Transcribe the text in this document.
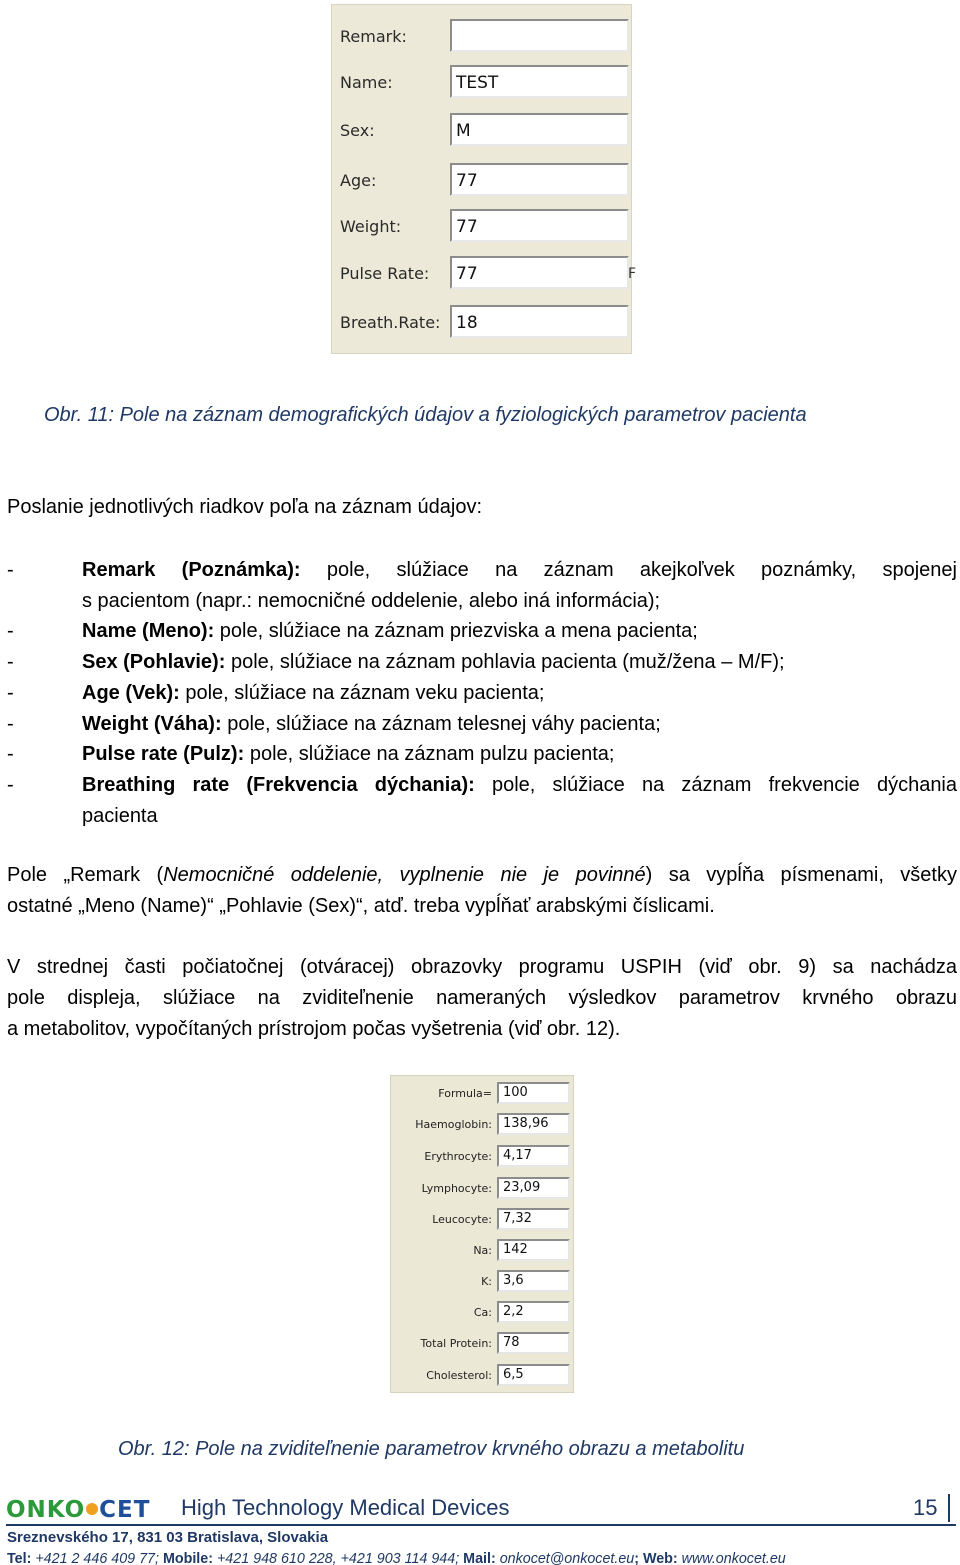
Remark:
Name:	TEST
Sex:	M
Age:	77
Weight:	77
Pulse Rate:	77	F
Breath.Rate: 18
Obr. 11: Pole na záznam demografických údajov a fyziologických parametrov pacienta
Poslanie jednotlivých riadkov poľa na záznam údajov:
-	Remark (Poznámka): pole, slúžiace na záznam akejkoľvek poznámky, spojenej
s pacientom (napr.: nemocničné oddelenie, alebo iná informácia);
-	Name (Meno): pole, slúžiace na záznam priezviska a mena pacienta;
-	Sex (Pohlavie): pole, slúžiace na záznam pohlavia pacienta (muž/žena – M/F);
-	Age (Vek): pole, slúžiace na záznam veku pacienta;
-	Weight (Váha): pole, slúžiace na záznam telesnej váhy pacienta;
-	Pulse rate (Pulz): pole, slúžiace na záznam pulzu pacienta;
-	Breathing rate (Frekvencia dýchania): pole, slúžiace na záznam frekvencie dýchania
pacienta
Pole „Remark (Nemocničné oddelenie, vyplnenie nie je povinné) sa vypĺňa písmenami, všetky
ostatné „Meno (Name)“ „Pohlavie (Sex)“, atď. treba vypĺňať arabskými číslicami.
V strednej časti počiatočnej (otváracej) obrazovky programu USPIH (viď obr. 9) sa nachádza
pole displeja, slúžiace na zviditeľnenie nameraných výsledkov parametrov krvného obrazu
a metabolitov, vypočítaných prístrojom počas vyšetrenia (viď obr. 12).
Formula= 100
Haemoglobin: 138,96
Erythrocyte: 4,17
Lymphocyte: 23,09
Leucocyte: 7,32
Na: 142
K: 3,6
Ca: 2,2
Total Protein: 78
Cholesterol: 6,5
Obr. 12: Pole na zviditeľnenie parametrov krvného obrazu a metabolitu
ONKO CET High Technology Medical Devices	15
Sreznevského 17, 831 03 Bratislava, Slovakia
Tel: +421 2 446 409 77; Mobile: +421 948 610 228, +421 903 114 944; Mail: onkocet@onkocet.eu; Web: www.onkocet.eu
